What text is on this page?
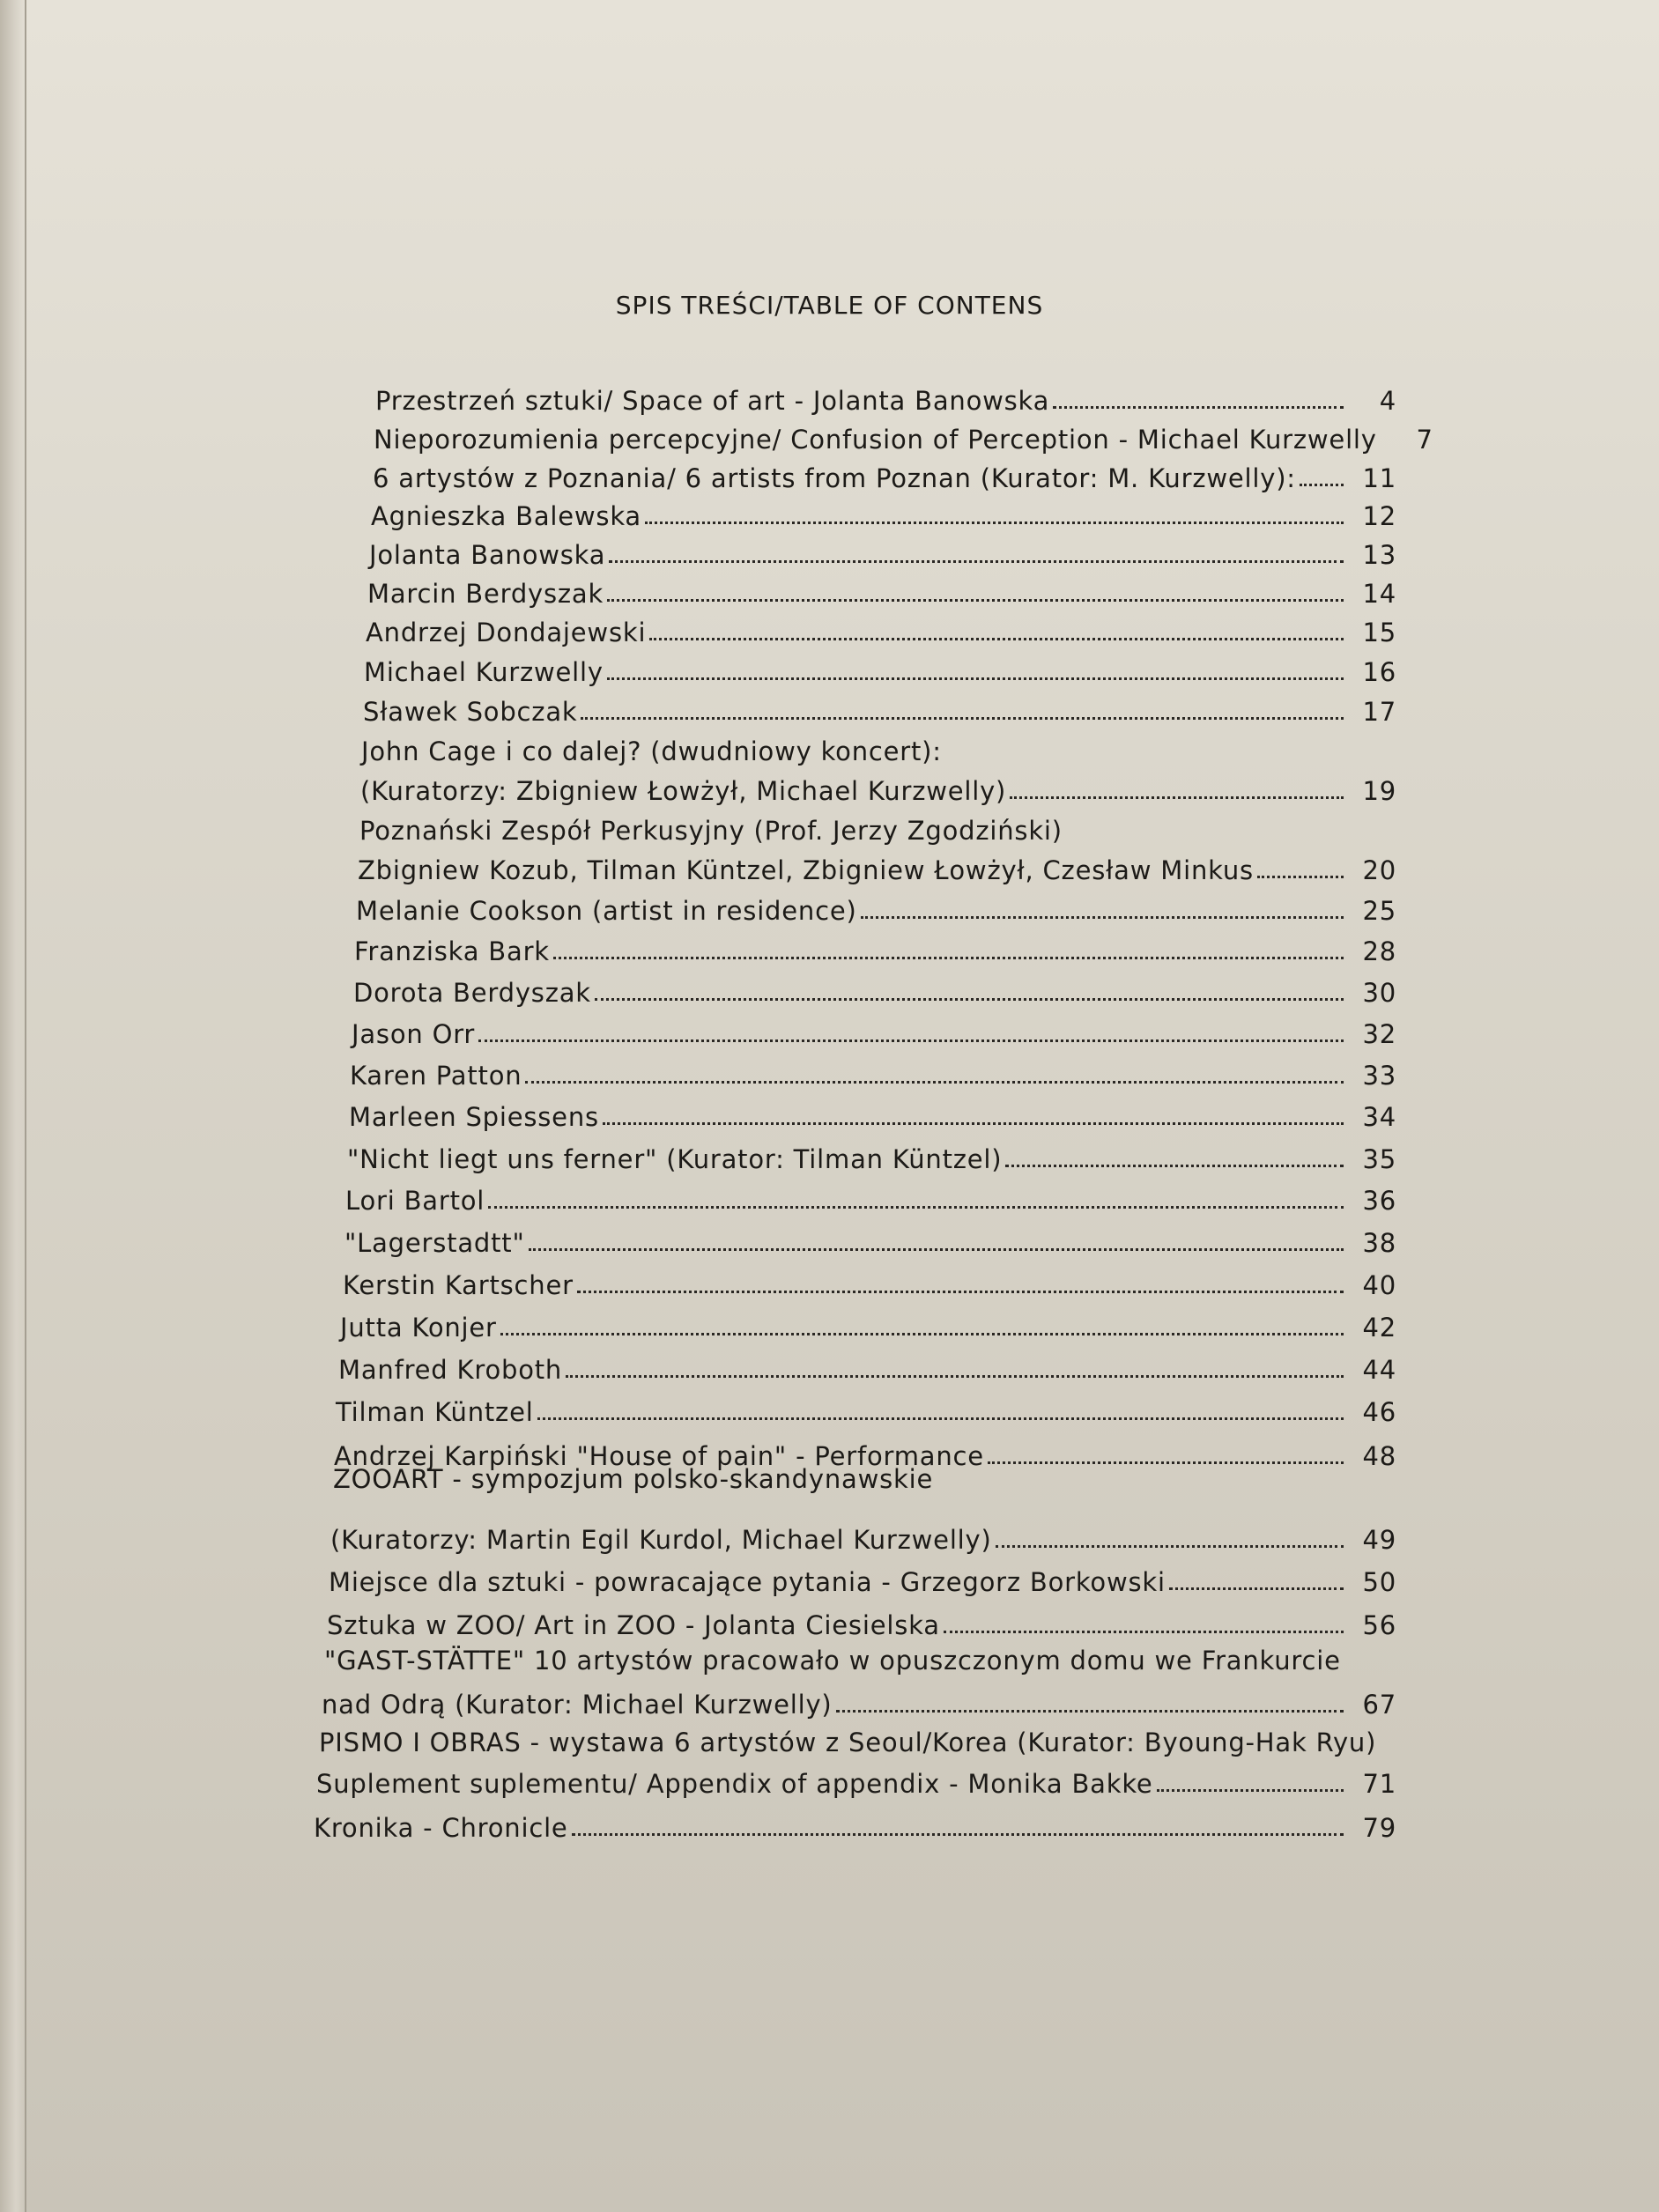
SPIS TREŚCI/TABLE OF CONTENS
Przestrzeń sztuki/ Space of art - Jolanta Banowska	4
Nieporozumienia percepcyjne/ Confusion of Perception - Michael Kurzwelly	7
6 artystów z Poznania/ 6 artists from Poznan (Kurator: M. Kurzwelly):	11
Agnieszka Balewska	12
Jolanta Banowska	13
Marcin Berdyszak	14
Andrzej Dondajewski	15
Michael Kurzwelly	16
Sławek Sobczak	17
John Cage i co dalej? (dwudniowy koncert):
(Kuratorzy: Zbigniew Łowżył, Michael Kurzwelly)	19
Poznański Zespół Perkusyjny (Prof. Jerzy Zgodziński)
Zbigniew Kozub, Tilman Küntzel, Zbigniew Łowżył, Czesław Minkus	20
Melanie Cookson (artist in residence)	25
Franziska Bark	28
Dorota Berdyszak	30
Jason Orr	32
Karen Patton	33
Marleen Spiessens	34
"Nicht liegt uns ferner" (Kurator: Tilman Küntzel)	35
Lori Bartol	36
"Lagerstadtt"	38
Kerstin Kartscher	40
Jutta Konjer	42
Manfred Kroboth	44
Tilman Küntzel	46
Andrzej Karpiński "House of pain" - Performance	48
ZOOART - sympozjum polsko-skandynawskie
(Kuratorzy: Martin Egil Kurdol, Michael Kurzwelly)	49
Miejsce dla sztuki - powracające pytania - Grzegorz Borkowski	50
Sztuka w ZOO/ Art in ZOO - Jolanta Ciesielska	56
"GAST-STÄTTE" 10 artystów pracowało w opuszczonym domu we Frankurcie
nad Odrą (Kurator: Michael Kurzwelly)	67
PISMO I OBRAS - wystawa 6 artystów z Seoul/Korea (Kurator: Byoung-Hak Ryu)
Suplement suplementu/ Appendix of appendix - Monika Bakke	71
Kronika - Chronicle	79
